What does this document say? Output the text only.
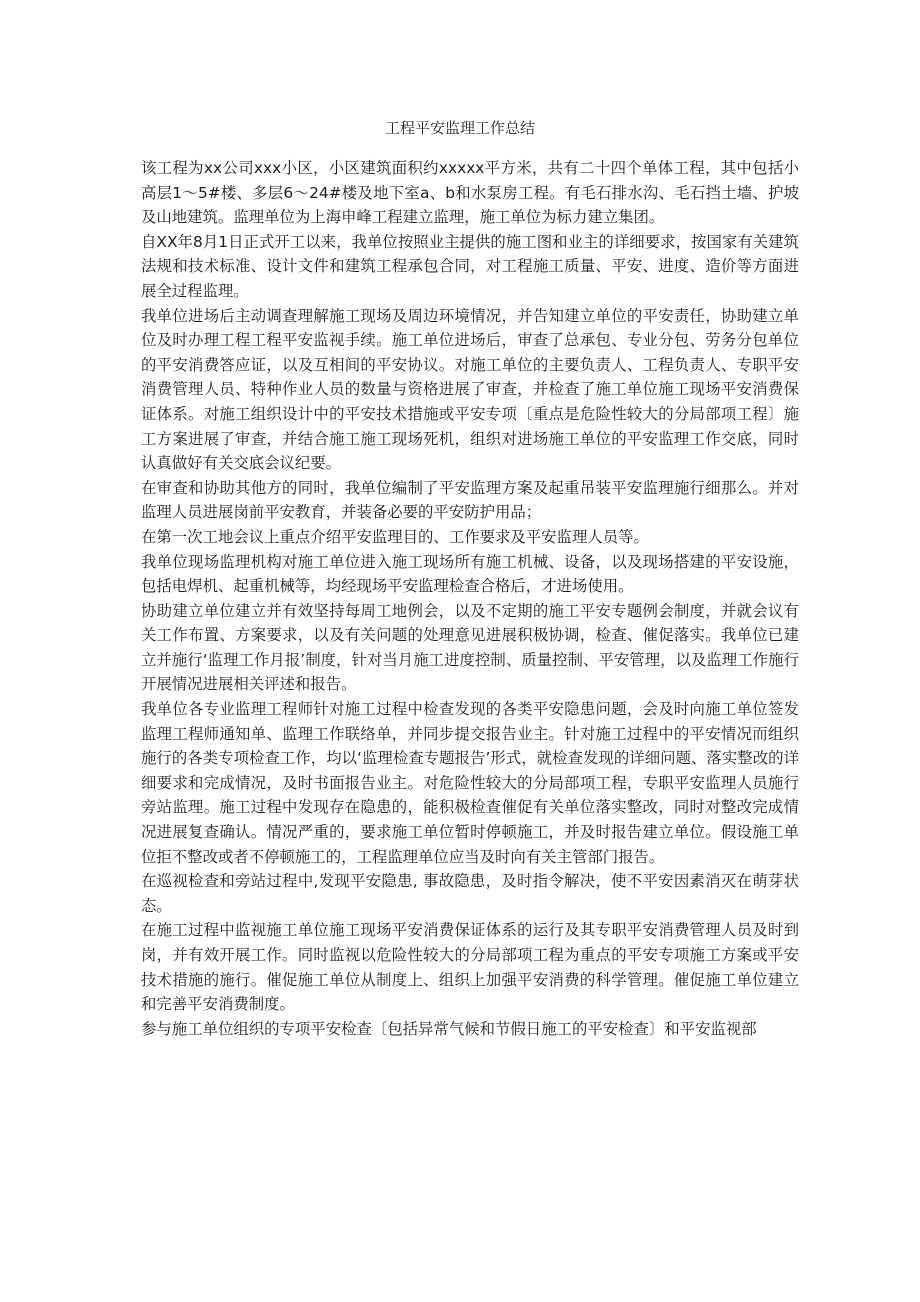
工程平安监理工作总结

该工程为xx公司xxx小区，小区建筑面积约xxxxx平方米，共有二十四个单体工程，其中包括小高层1～5#楼、多层6～24#楼及地下室a、b和水泵房工程。有毛石排水沟、毛石挡土墙、护坡及山地建筑。监理单位为上海申峰工程建立监理，施工单位为标力建立集团。

自XX年8月1日正式开工以来，我单位按照业主提供的施工图和业主的详细要求，按国家有关建筑法规和技术标准、设计文件和建筑工程承包合同，对工程施工质量、平安、进度、造价等方面进展全过程监理。

我单位进场后主动调查理解施工现场及周边环境情况，并告知建立单位的平安责任，协助建立单位及时办理工程工程平安监视手续。施工单位进场后，审查了总承包、专业分包、劳务分包单位的平安消费答应证，以及互相间的平安协议。对施工单位的主要负责人、工程负责人、专职平安消费管理人员、特种作业人员的数量与资格进展了审查，并检查了施工单位施工现场平安消费保证体系。对施工组织设计中的平安技术措施或平安专项〔重点是危险性较大的分局部项工程〕施工方案进展了审查，并结合施工施工现场死机，组织对进场施工单位的平安监理工作交底，同时认真做好有关交底会议纪要。

在审查和协助其他方的同时，我单位编制了平安监理方案及起重吊装平安监理施行细那么。并对监理人员进展岗前平安教育，并装备必要的平安防护用品；

在第一次工地会议上重点介绍平安监理目的、工作要求及平安监理人员等。

我单位现场监理机构对施工单位进入施工现场所有施工机械、设备，以及现场搭建的平安设施，包括电焊机、起重机械等，均经现场平安监理检查合格后，才进场使用。

协助建立单位建立并有效坚持每周工地例会，以及不定期的施工平安专题例会制度，并就会议有关工作布置、方案要求，以及有关问题的处理意见进展积极协调，检查、催促落实。我单位已建立并施行‘监理工作月报’制度，针对当月施工进度控制、质量控制、平安管理，以及监理工作施行开展情况进展相关评述和报告。

我单位各专业监理工程师针对施工过程中检查发现的各类平安隐患问题，会及时向施工单位签发监理工程师通知单、监理工作联络单，并同步提交报告业主。针对施工过程中的平安情况而组织施行的各类专项检查工作，均以‘监理检查专题报告’形式，就检查发现的详细问题、落实整改的详细要求和完成情况，及时书面报告业主。对危险性较大的分局部项工程，专职平安监理人员施行旁站监理。施工过程中发现存在隐患的，能积极检查催促有关单位落实整改，同时对整改完成情况进展复查确认。情况严重的，要求施工单位暂时停顿施工，并及时报告建立单位。假设施工单位拒不整改或者不停顿施工的，工程监理单位应当及时向有关主管部门报告。

在巡视检查和旁站过程中,发现平安隐患, 事故隐患，及时指令解决，使不平安因素消灭在萌芽状态。

在施工过程中监视施工单位施工现场平安消费保证体系的运行及其专职平安消费管理人员及时到岗，并有效开展工作。同时监视以危险性较大的分局部项工程为重点的平安专项施工方案或平安技术措施的施行。催促施工单位从制度上、组织上加强平安消费的科学管理。催促施工单位建立和完善平安消费制度。

参与施工单位组织的专项平安检查〔包括异常气候和节假日施工的平安检查〕和平安监视部
